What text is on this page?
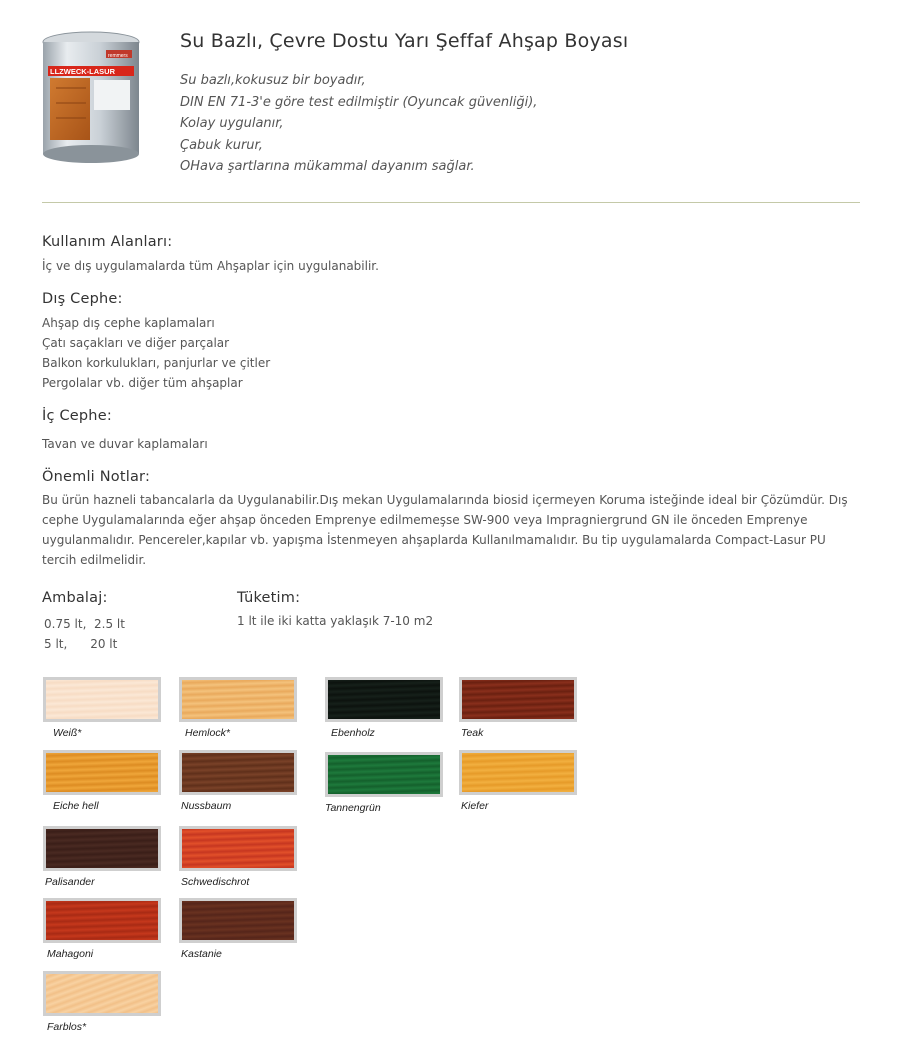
remmers
LLZWECK-LASUR
Su Bazlı, Çevre Dostu Yarı Şeffaf Ahşap Boyası
Su bazlı,kokusuz bir boyadır,
DIN EN 71-3'e göre test edilmiştir (Oyuncak güvenliği),
Kolay uygulanır,
Çabuk kurur,
OHava şartlarına mükammal dayanım sağlar.
Kullanım Alanları:
İç ve dış uygulamalarda tüm Ahşaplar için uygulanabilir.
Dış Cephe:
Ahşap dış cephe kaplamaları
Çatı saçakları ve diğer parçalar
Balkon korkulukları, panjurlar ve çitler
Pergolalar vb. diğer tüm ahşaplar
İç Cephe:
Tavan ve duvar kaplamaları
Önemli Notlar:
Bu ürün hazneli tabancalarla da Uygulanabilir.Dış mekan Uygulamalarında biosid içermeyen Koruma isteğinde ideal bir Çözümdür. Dış cephe Uygulamalarında eğer ahşap önceden Emprenye edilmemeşse SW-900 veya Impragniergrund GN ile önceden Emprenye uygulanmalıdır. Pencereler,kapılar vb. yapışma İstenmeyen ahşaplarda Kullanılmamalıdır. Bu tip uygulamalarda Compact-Lasur PU tercih edilmelidir.
Ambalaj:
0.75 lt,  2.5 lt
5 lt,      20 lt
Tüketim:
1 lt ile iki katta yaklaşık 7-10 m2
Weiß*	Hemlock*	Ebenholz	Teak
Eiche hell	Nussbaum	Tannengrün	Kiefer
Palisander	Schwedischrot
Mahagoni	Kastanie
Farblos*
